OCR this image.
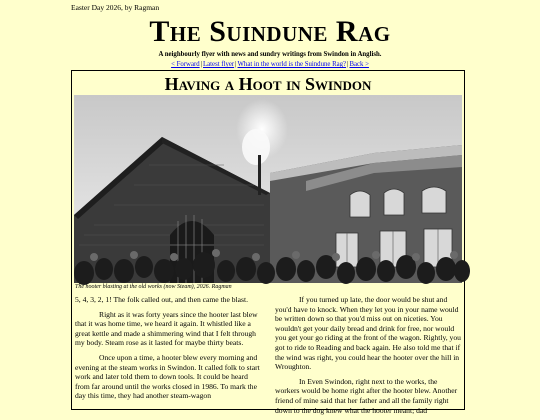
Easter Day 2026, by Ragman
The Suindune Rag
A neighbourly flyer with news and sundry writings from Swindon in Anglish.
< Forward|Latest flyer|What in the world is the Suindune Rag?|Back >
Having a Hoot in Swindon
The hooter blasting at the old works (now Steam), 2026. Ragman

5, 4, 3, 2, 1! The folk called out, and then came the blast.

Right as it was forty years since the hooter last blew that it was home time, we heard it again. It whistled like a great kettle and made a shimmering wind that I felt through my body. Steam rose as it lasted for maybe thirty beats.

Once upon a time, a hooter blew every morning and evening at the steam works in Swindon. It called folk to start work and later told them to down tools. It could be heard from far around until the works closed in 1986. To mark the day this time, they had another steam-wagon

If you turned up late, the door would be shut and you'd have to knock. When they let you in your name would be written down so that you'd miss out on niceties. You wouldn't get your daily bread and drink for free, nor would you get your go riding at the front of the wagon. Rightly, you got to ride to Reading and back again. He also told me that if the wind was right, you could hear the hooter over the hill in Wroughton.

In Even Swindon, right next to the works, the workers would be home right after the hooter blew. Another friend of mine said that her father and all the family right down to the dog knew what the hooter meant; dad
